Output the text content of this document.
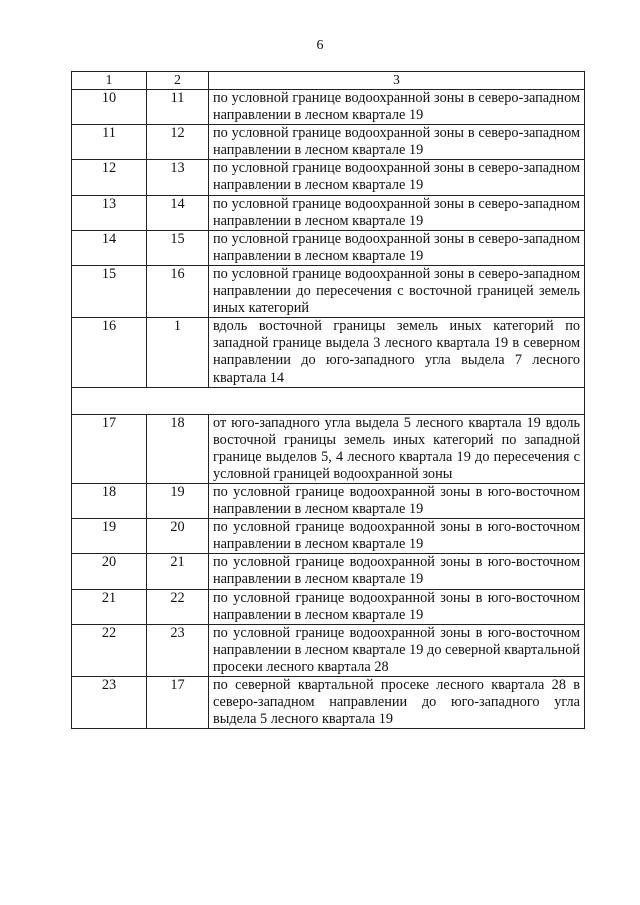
6
1	2	3
10	11	по условной границе водоохранной зоны в северо-западном направлении в лесном квартале 19
11	12	по условной границе водоохранной зоны в северо-западном направлении в лесном квартале 19
12	13	по условной границе водоохранной зоны в северо-западном направлении в лесном квартале 19
13	14	по условной границе водоохранной зоны в северо-западном направлении в лесном квартале 19
14	15	по условной границе водоохранной зоны в северо-западном направлении в лесном квартале 19
15	16	по условной границе водоохранной зоны в северо-западном направлении до пересечения с восточной границей земель иных категорий
16	1	вдоль восточной границы земель иных категорий по западной границе выдела 3 лесного квартала 19 в северном направлении до юго-западного угла выдела 7 лесного квартала 14

17	18	от юго-западного угла выдела 5 лесного квартала 19 вдоль восточной границы земель иных категорий по западной границе выделов 5, 4 лесного квартала 19 до пересечения с условной границей водоохранной зоны
18	19	по условной границе водоохранной зоны в юго-восточном направлении в лесном квартале 19
19	20	по условной границе водоохранной зоны в юго-восточном направлении в лесном квартале 19
20	21	по условной границе водоохранной зоны в юго-восточном направлении в лесном квартале 19
21	22	по условной границе водоохранной зоны в юго-восточном направлении в лесном квартале 19
22	23	по условной границе водоохранной зоны в юго-восточном направлении в лесном квартале 19 до северной квартальной просеки лесного квартала 28
23	17	по северной квартальной просеке лесного квартала 28 в северо-западном направлении до юго-западного угла выдела 5 лесного квартала 19
